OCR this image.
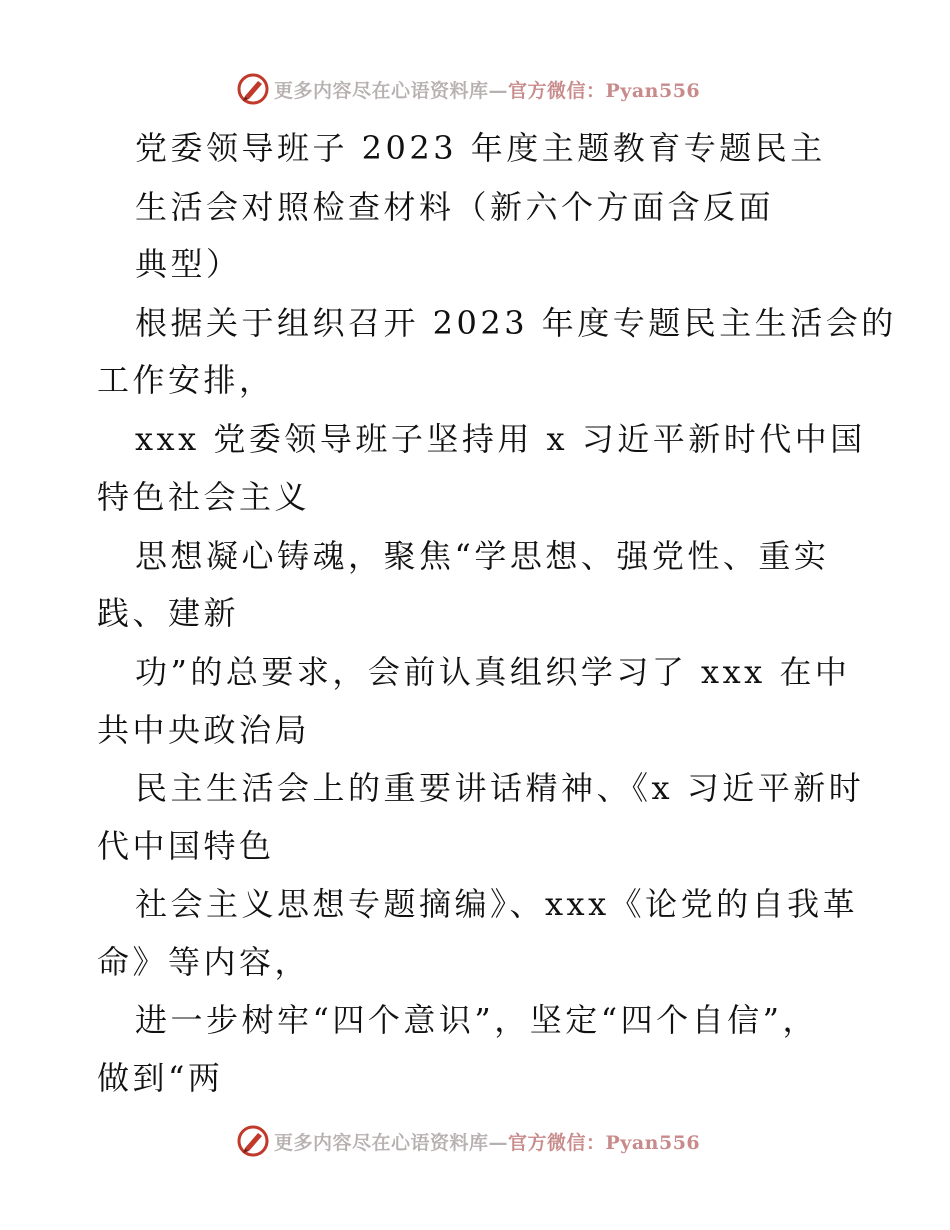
更多内容尽在心语资料库—官方微信：Pyan556
党委领导班子 2023 年度主题教育专题民主
生活会对照检查材料（新六个方面含反面
典型）
根据关于组织召开 2023 年度专题民主生活会的
工作安排，
xxx 党委领导班子坚持用 x 习近平新时代中国
特色社会主义
思想凝心铸魂，聚焦“学思想、强党性、重实
践、建新
功”的总要求，会前认真组织学习了 xxx 在中
共中央政治局
民主生活会上的重要讲话精神、《x 习近平新时
代中国特色
社会主义思想专题摘编》、xxx《论党的自我革
命》等内容，
进一步树牢“四个意识”，坚定“四个自信”，
做到“两
更多内容尽在心语资料库—官方微信：Pyan556
